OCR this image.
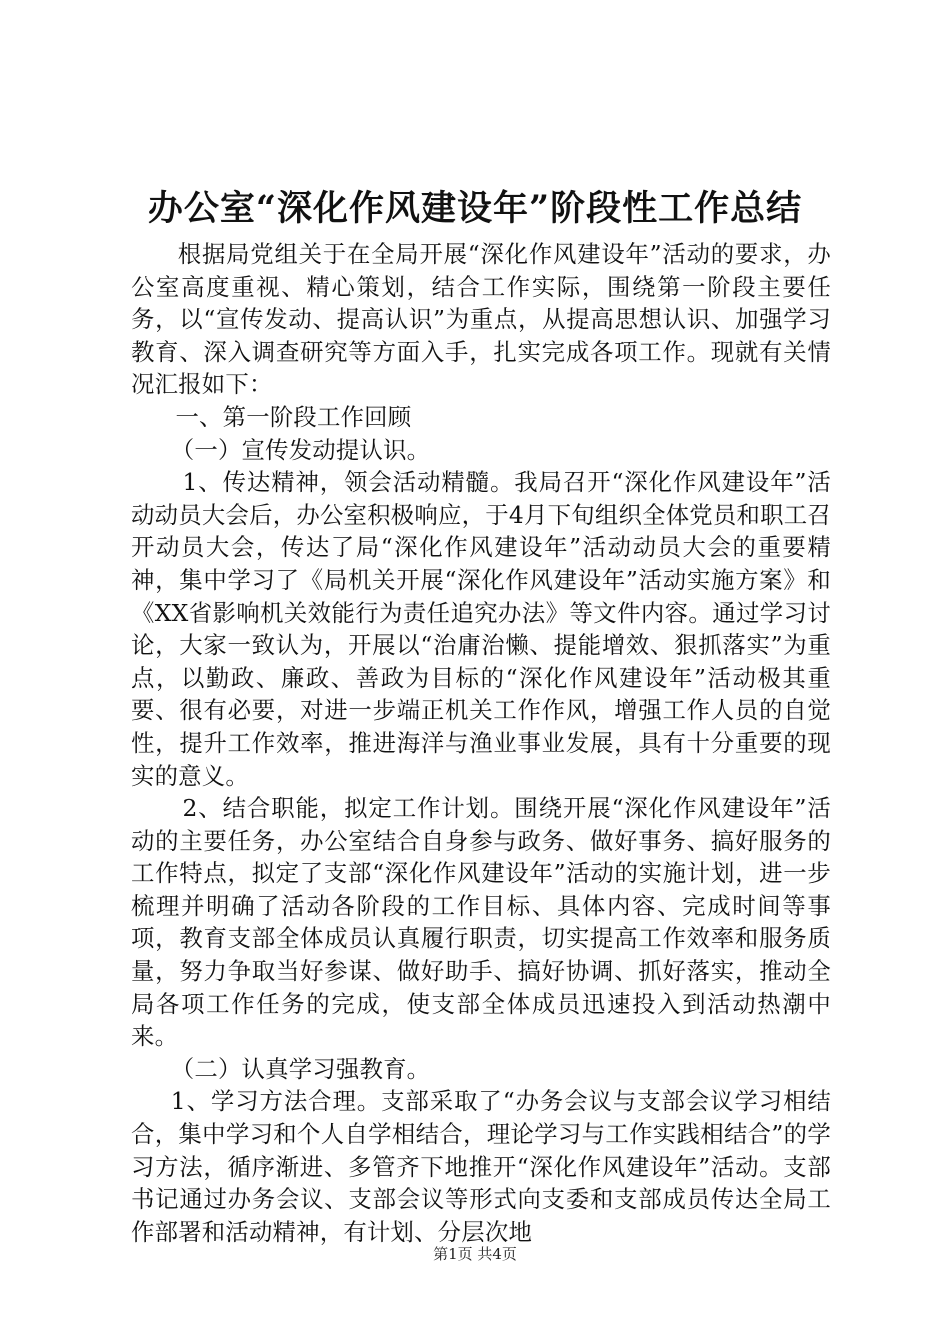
办公室“深化作风建设年”阶段性工作总结

根据局党组关于在全局开展“深化作风建设年”活动的要求，办公室高度重视、精心策划，结合工作实际，围绕第一阶段主要任务，以“宣传发动、提高认识”为重点，从提高思想认识、加强学习教育、深入调查研究等方面入手，扎实完成各项工作。现就有关情况汇报如下：

一、第一阶段工作回顾

（一）宣传发动提认识。

1、传达精神，领会活动精髓。我局召开“深化作风建设年”活动动员大会后，办公室积极响应，于4月下旬组织全体党员和职工召开动员大会，传达了局“深化作风建设年”活动动员大会的重要精神，集中学习了《局机关开展“深化作风建设年”活动实施方案》和《XX省影响机关效能行为责任追究办法》等文件内容。通过学习讨论，大家一致认为，开展以“治庸治懒、提能增效、狠抓落实”为重点，以勤政、廉政、善政为目标的“深化作风建设年”活动极其重要、很有必要，对进一步端正机关工作作风，增强工作人员的自觉性，提升工作效率，推进海洋与渔业事业发展，具有十分重要的现实的意义。

2、结合职能，拟定工作计划。围绕开展“深化作风建设年”活动的主要任务，办公室结合自身参与政务、做好事务、搞好服务的工作特点，拟定了支部“深化作风建设年”活动的实施计划，进一步梳理并明确了活动各阶段的工作目标、具体内容、完成时间等事项，教育支部全体成员认真履行职责，切实提高工作效率和服务质量，努力争取当好参谋、做好助手、搞好协调、抓好落实，推动全局各项工作任务的完成，使支部全体成员迅速投入到活动热潮中来。

（二）认真学习强教育。

1、学习方法合理。支部采取了“办务会议与支部会议学习相结合，集中学习和个人自学相结合，理论学习与工作实践相结合”的学习方法，循序渐进、多管齐下地推开“深化作风建设年”活动。支部书记通过办务会议、支部会议等形式向支委和支部成员传达全局工作部署和活动精神，有计划、分层次地

第1页 共4页
